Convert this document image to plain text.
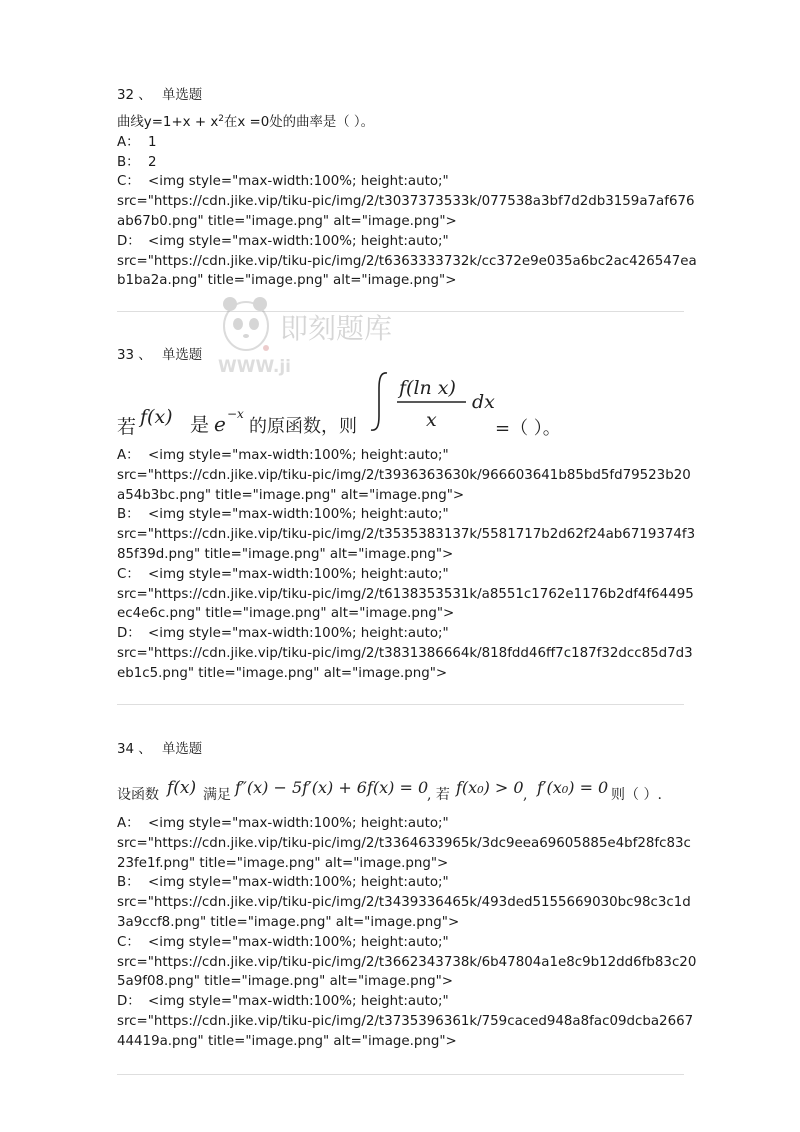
32 、 单选题
曲线$y=1+x + x^2$在x =0处的曲率是（ ）。
A： 1
B： 2
C： <img style="max-width:100%; height:auto;"
src="https://cdn.jike.vip/tiku-pic/img/2/t3037373533k/077538a3bf7d2db3159a7af676
ab67b0.png" title="image.png" alt="image.png">
D： <img style="max-width:100%; height:auto;"
src="https://cdn.jike.vip/tiku-pic/img/2/t6363333732k/cc372e9e035a6bc2ac426547ea
b1ba2a.png" title="image.png" alt="image.png">
即刻题库
WWW.ji
33 、 单选题
若 f(x) 是 e −x
的原函数，则
f(ln x)
x
dx
=（ ）。
A： <img style="max-width:100%; height:auto;"
src="https://cdn.jike.vip/tiku-pic/img/2/t3936363630k/966603641b85bd5fd79523b20
a54b3bc.png" title="image.png" alt="image.png">
B： <img style="max-width:100%; height:auto;"
src="https://cdn.jike.vip/tiku-pic/img/2/t3535383137k/5581717b2d62f24ab6719374f3
85f39d.png" title="image.png" alt="image.png">
C： <img style="max-width:100%; height:auto;"
src="https://cdn.jike.vip/tiku-pic/img/2/t6138353531k/a8551c1762e1176b2df4f64495
ec4e6c.png" title="image.png" alt="image.png">
D： <img style="max-width:100%; height:auto;"
src="https://cdn.jike.vip/tiku-pic/img/2/t3831386664k/818fdd46ff7c187f32dcc85d7d3
eb1c5.png" title="image.png" alt="image.png">
34 、 单选题
设函数 f(x) 满足 f″(x) − 5f′(x) + 6f(x) = 0
, 若 f(x₀) > 0 , f′(x₀) = 0 则（ ）.
A： <img style="max-width:100%; height:auto;"
src="https://cdn.jike.vip/tiku-pic/img/2/t3364633965k/3dc9eea69605885e4bf28fc83c
23fe1f.png" title="image.png" alt="image.png">
B： <img style="max-width:100%; height:auto;"
src="https://cdn.jike.vip/tiku-pic/img/2/t3439336465k/493ded5155669030bc98c3c1d
3a9ccf8.png" title="image.png" alt="image.png">
C： <img style="max-width:100%; height:auto;"
src="https://cdn.jike.vip/tiku-pic/img/2/t3662343738k/6b47804a1e8c9b12dd6fb83c20
5a9f08.png" title="image.png" alt="image.png">
D： <img style="max-width:100%; height:auto;"
src="https://cdn.jike.vip/tiku-pic/img/2/t3735396361k/759caced948a8fac09dcba2667
44419a.png" title="image.png" alt="image.png">
